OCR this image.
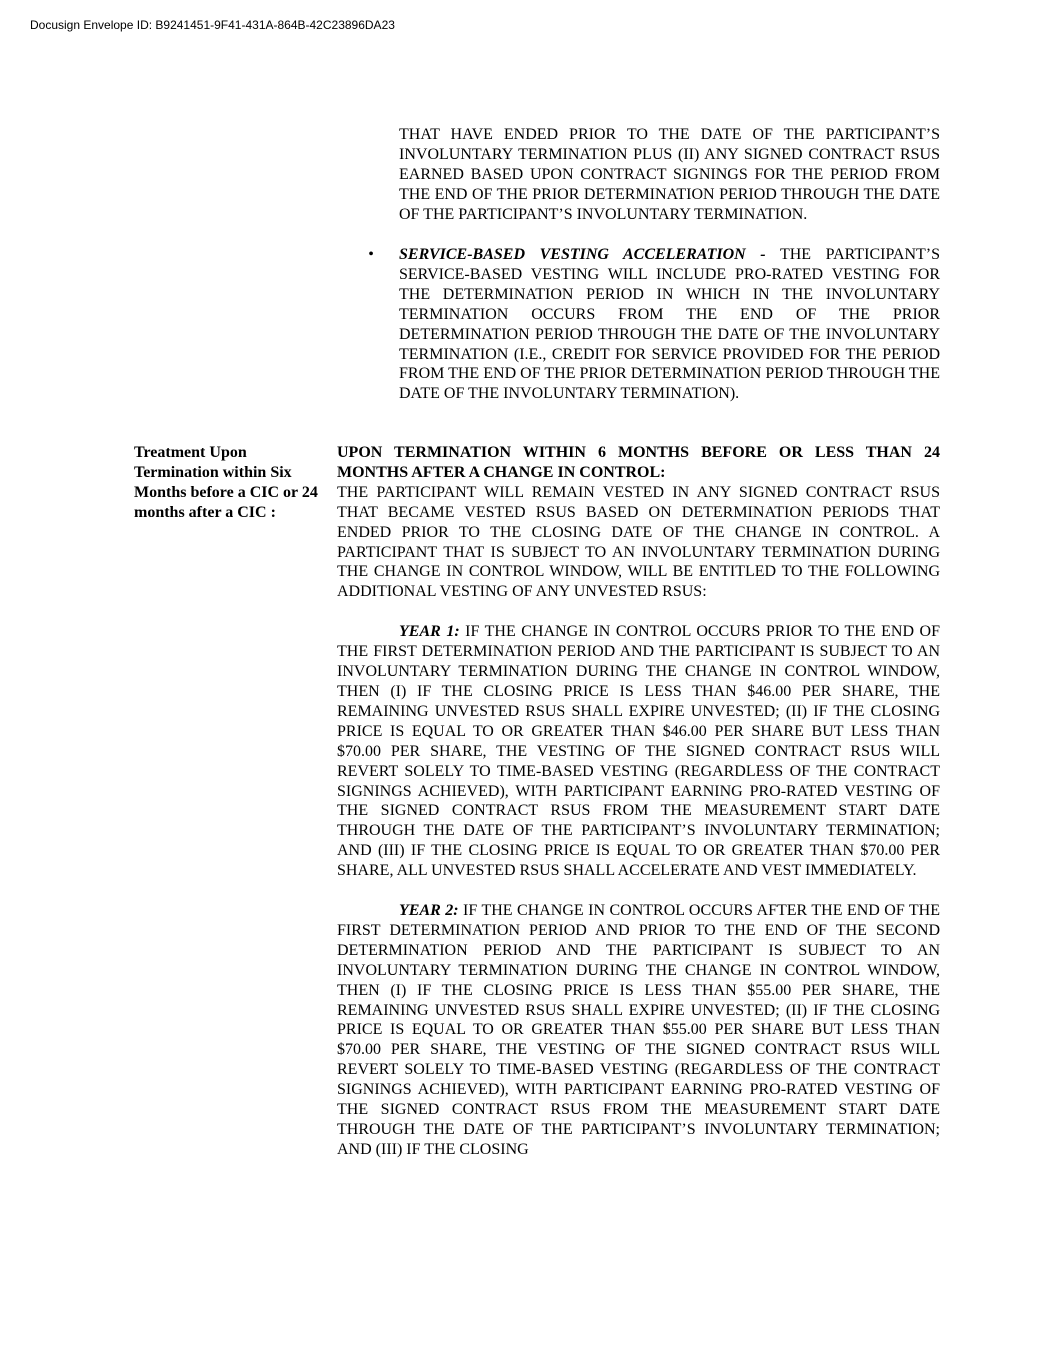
Docusign Envelope ID: B9241451-9F41-431A-864B-42C23896DA23
THAT HAVE ENDED PRIOR TO THE DATE OF THE PARTICIPANT’S INVOLUNTARY TERMINATION PLUS (II) ANY SIGNED CONTRACT RSUS EARNED BASED UPON CONTRACT SIGNINGS FOR THE PERIOD FROM THE END OF THE PRIOR DETERMINATION PERIOD THROUGH THE DATE OF THE PARTICIPANT’S INVOLUNTARY TERMINATION.
• SERVICE-BASED VESTING ACCELERATION - THE PARTICIPANT’S SERVICE-BASED VESTING WILL INCLUDE PRO-RATED VESTING FOR THE DETERMINATION PERIOD IN WHICH IN THE INVOLUNTARY TERMINATION OCCURS FROM THE END OF THE PRIOR DETERMINATION PERIOD THROUGH THE DATE OF THE INVOLUNTARY TERMINATION (I.E., CREDIT FOR SERVICE PROVIDED FOR THE PERIOD FROM THE END OF THE PRIOR DETERMINATION PERIOD THROUGH THE DATE OF THE INVOLUNTARY TERMINATION).
Treatment Upon Termination within Six Months before a CIC or 24 months after a CIC :

UPON TERMINATION WITHIN 6 MONTHS BEFORE OR LESS THAN 24 MONTHS AFTER A CHANGE IN CONTROL:

THE PARTICIPANT WILL REMAIN VESTED IN ANY SIGNED CONTRACT RSUS THAT BECAME VESTED RSUS BASED ON DETERMINATION PERIODS THAT ENDED PRIOR TO THE CLOSING DATE OF THE CHANGE IN CONTROL. A PARTICIPANT THAT IS SUBJECT TO AN INVOLUNTARY TERMINATION DURING THE CHANGE IN CONTROL WINDOW, WILL BE ENTITLED TO THE FOLLOWING ADDITIONAL VESTING OF ANY UNVESTED RSUS:

YEAR 1: IF THE CHANGE IN CONTROL OCCURS PRIOR TO THE END OF THE FIRST DETERMINATION PERIOD AND THE PARTICIPANT IS SUBJECT TO AN INVOLUNTARY TERMINATION DURING THE CHANGE IN CONTROL WINDOW, THEN (I) IF THE CLOSING PRICE IS LESS THAN $46.00 PER SHARE, THE REMAINING UNVESTED RSUS SHALL EXPIRE UNVESTED; (II) IF THE CLOSING PRICE IS EQUAL TO OR GREATER THAN $46.00 PER SHARE BUT LESS THAN $70.00 PER SHARE, THE VESTING OF THE SIGNED CONTRACT RSUS WILL REVERT SOLELY TO TIME-BASED VESTING (REGARDLESS OF THE CONTRACT SIGNINGS ACHIEVED), WITH PARTICIPANT EARNING PRO-RATED VESTING OF THE SIGNED CONTRACT RSUS FROM THE MEASUREMENT START DATE THROUGH THE DATE OF THE PARTICIPANT’S INVOLUNTARY TERMINATION; AND (III) IF THE CLOSING PRICE IS EQUAL TO OR GREATER THAN $70.00 PER SHARE, ALL UNVESTED RSUS SHALL ACCELERATE AND VEST IMMEDIATELY.

YEAR 2: IF THE CHANGE IN CONTROL OCCURS AFTER THE END OF THE FIRST DETERMINATION PERIOD AND PRIOR TO THE END OF THE SECOND DETERMINATION PERIOD AND THE PARTICIPANT IS SUBJECT TO AN INVOLUNTARY TERMINATION DURING THE CHANGE IN CONTROL WINDOW, THEN (I) IF THE CLOSING PRICE IS LESS THAN $55.00 PER SHARE, THE REMAINING UNVESTED RSUS SHALL EXPIRE UNVESTED; (II) IF THE CLOSING PRICE IS EQUAL TO OR GREATER THAN $55.00 PER SHARE BUT LESS THAN $70.00 PER SHARE, THE VESTING OF THE SIGNED CONTRACT RSUS WILL REVERT SOLELY TO TIME-BASED VESTING (REGARDLESS OF THE CONTRACT SIGNINGS ACHIEVED), WITH PARTICIPANT EARNING PRO-RATED VESTING OF THE SIGNED CONTRACT RSUS FROM THE MEASUREMENT START DATE THROUGH THE DATE OF THE PARTICIPANT’S INVOLUNTARY TERMINATION; AND (III) IF THE CLOSING
